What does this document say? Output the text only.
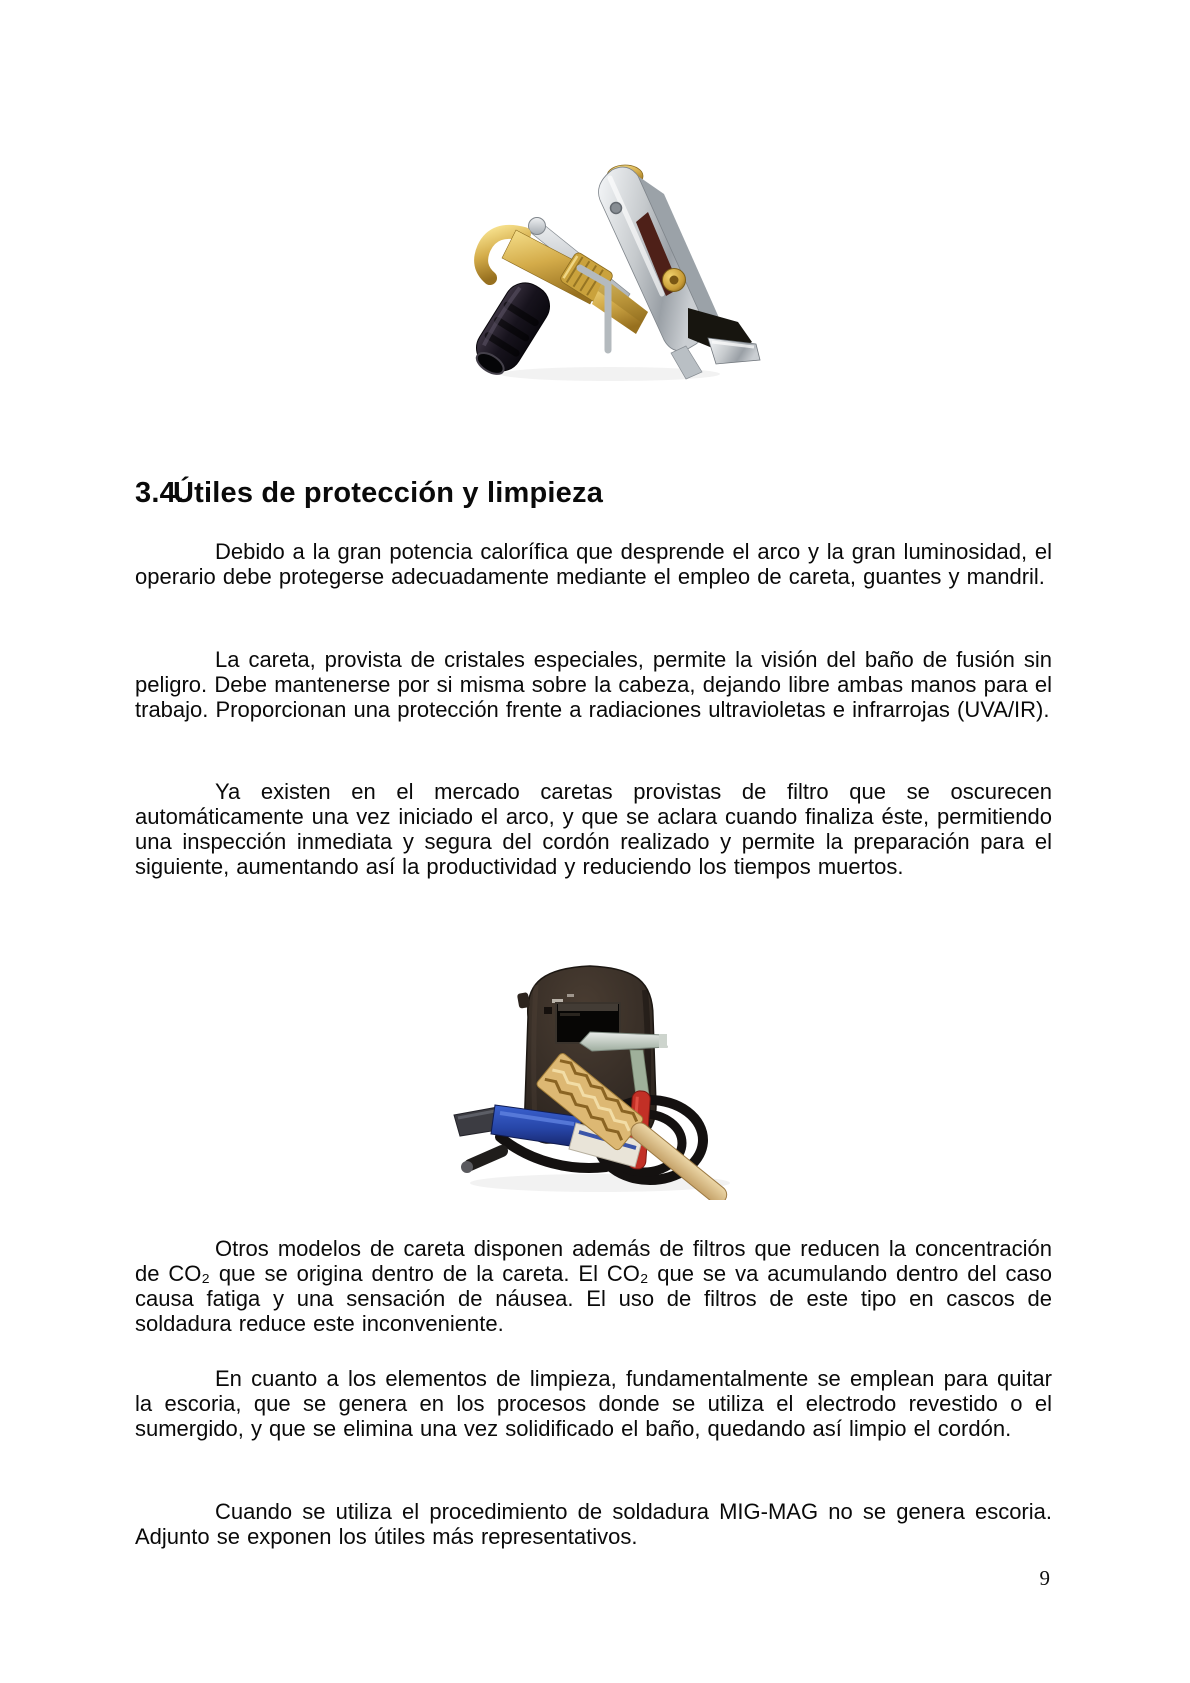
3.4.Útiles de protección y limpieza

Debido a la gran potencia calorífica que desprende el arco y la gran luminosidad, el operario debe protegerse adecuadamente mediante el empleo de careta, guantes y mandril.

La careta, provista de cristales especiales, permite la visión del baño de fusión sin peligro. Debe mantenerse por si misma sobre la cabeza, dejando libre ambas manos para el trabajo. Proporcionan una protección frente a radiaciones ultravioletas e infrarrojas (UVA/IR).

Ya existen en el mercado caretas provistas de filtro que se oscurecen automáticamente una vez iniciado el arco, y que se aclara cuando finaliza éste, permitiendo una inspección inmediata y segura del cordón realizado y permite la preparación para el siguiente, aumentando así la productividad y reduciendo los tiempos muertos.

Otros modelos de careta disponen además de filtros que reducen la concentración de CO₂ que se origina dentro de la careta. El CO₂ que se va acumulando dentro del caso causa fatiga y una sensación de náusea. El uso de filtros de este tipo en cascos de soldadura reduce este inconveniente.

En cuanto a los elementos de limpieza, fundamentalmente se emplean para quitar la escoria, que se genera en los procesos donde se utiliza el electrodo revestido o el sumergido, y que se elimina una vez solidificado el baño, quedando así limpio el cordón.

Cuando se utiliza el procedimiento de soldadura MIG-MAG no se genera escoria. Adjunto se exponen los útiles más representativos.

9
